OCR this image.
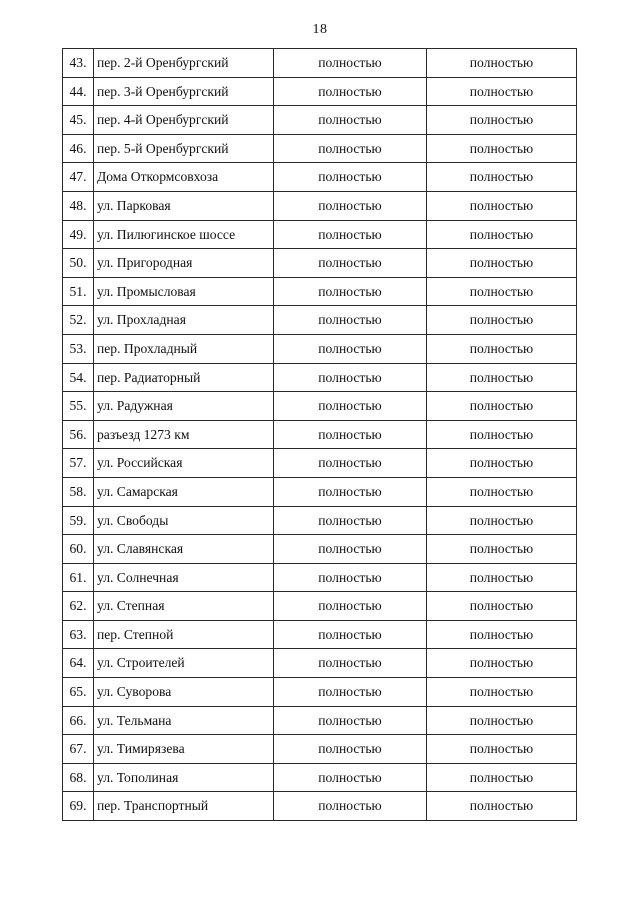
18
43.	пер. 2-й Оренбургский	полностью	полностью
44.	пер. 3-й Оренбургский	полностью	полностью
45.	пер. 4-й Оренбургский	полностью	полностью
46.	пер. 5-й Оренбургский	полностью	полностью
47.	Дома Откормсовхоза	полностью	полностью
48.	ул. Парковая	полностью	полностью
49.	ул. Пилюгинское шоссе	полностью	полностью
50.	ул. Пригородная	полностью	полностью
51.	ул. Промысловая	полностью	полностью
52.	ул. Прохладная	полностью	полностью
53.	пер. Прохладный	полностью	полностью
54.	пер. Радиаторный	полностью	полностью
55.	ул. Радужная	полностью	полностью
56.	разъезд 1273 км	полностью	полностью
57.	ул. Российская	полностью	полностью
58.	ул. Самарская	полностью	полностью
59.	ул. Свободы	полностью	полностью
60.	ул. Славянская	полностью	полностью
61.	ул. Солнечная	полностью	полностью
62.	ул. Степная	полностью	полностью
63.	пер. Степной	полностью	полностью
64.	ул. Строителей	полностью	полностью
65.	ул. Суворова	полностью	полностью
66.	ул. Тельмана	полностью	полностью
67.	ул. Тимирязева	полностью	полностью
68.	ул. Тополиная	полностью	полностью
69.	пер. Транспортный	полностью	полностью
